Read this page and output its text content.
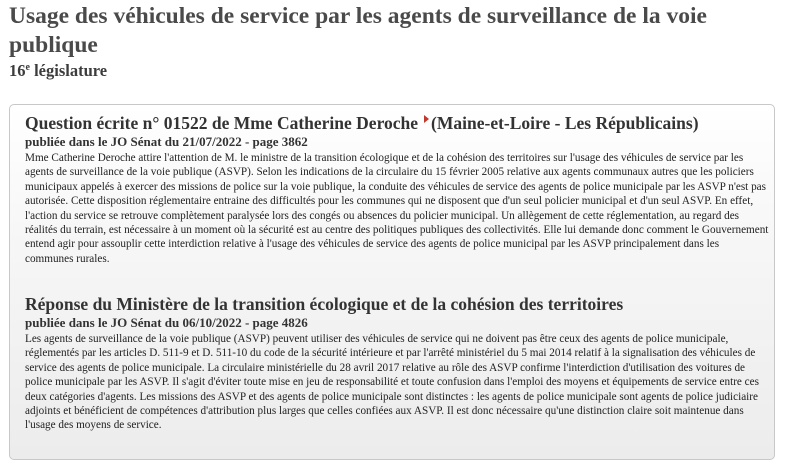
Usage des véhicules de service par les agents de surveillance de la voie publique

16e législature

Question écrite n° 01522 de Mme Catherine Deroche (Maine-et-Loire - Les Républicains)

publiée dans le JO Sénat du 21/07/2022 - page 3862

Mme Catherine Deroche attire l'attention de M. le ministre de la transition écologique et de la cohésion des territoires sur l'usage des véhicules de service par les agents de surveillance de la voie publique (ASVP). Selon les indications de la circulaire du 15 février 2005 relative aux agents communaux autres que les policiers municipaux appelés à exercer des missions de police sur la voie publique, la conduite des véhicules de service des agents de police municipale par les ASVP n'est pas autorisée. Cette disposition réglementaire entraine des difficultés pour les communes qui ne disposent que d'un seul policier municipal et d'un seul ASVP. En effet, l'action du service se retrouve complètement paralysée lors des congés ou absences du policier municipal. Un allègement de cette réglementation, au regard des réalités du terrain, est nécessaire à un moment où la sécurité est au centre des politiques publiques des collectivités. Elle lui demande donc comment le Gouvernement entend agir pour assouplir cette interdiction relative à l'usage des véhicules de service des agents de police municipal par les ASVP principalement dans les communes rurales.

Réponse du Ministère de la transition écologique et de la cohésion des territoires

publiée dans le JO Sénat du 06/10/2022 - page 4826

Les agents de surveillance de la voie publique (ASVP) peuvent utiliser des véhicules de service qui ne doivent pas être ceux des agents de police municipale, réglementés par les articles D. 511-9 et D. 511-10 du code de la sécurité intérieure et par l'arrêté ministériel du 5 mai 2014 relatif à la signalisation des véhicules de service des agents de police municipale. La circulaire ministérielle du 28 avril 2017 relative au rôle des ASVP confirme l'interdiction d'utilisation des voitures de police municipale par les ASVP. Il s'agit d'éviter toute mise en jeu de responsabilité et toute confusion dans l'emploi des moyens et équipements de service entre ces deux catégories d'agents. Les missions des ASVP et des agents de police municipale sont distinctes : les agents de police municipale sont agents de police judiciaire adjoints et bénéficient de compétences d'attribution plus larges que celles confiées aux ASVP. Il est donc nécessaire qu'une distinction claire soit maintenue dans l'usage des moyens de service.
